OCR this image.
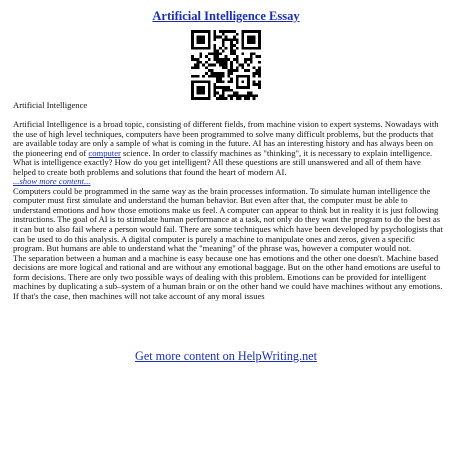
Artificial Intelligence Essay
Artificial Intelligence

Artificial Intelligence is a broad topic, consisting of different fields, from machine vision to expert systems. Nowadays with the use of high level techniques, computers have been programmed to solve many difficult problems, but the products that are available today are only a sample of what is coming in the future. AI has an interesting history and has always been on the pioneering end of computer science. In order to classify machines as "thinking", it is necessary to explain intelligence. What is intelligence exactly? How do you get intelligent? All these questions are still unanswered and all of them have helped to create both problems and solutions that found the heart of modern AI.

...show more content...

Computers could be programmed in the same way as the brain processes information. To simulate human intelligence the computer must first simulate and understand the human behavior. But even after that, the computer must be able to understand emotions and how those emotions make us feel. A computer can appear to think but in reality it is just following instructions. The goal of AI is to stimulate human performance at a task, not only do they want the program to do the best as it can but to also fail where a person would fail. There are some techniques which have been developed by psychologists that can be used to do this analysis. A digital computer is purely a machine to manipulate ones and zeros, given a specific program. But humans are able to understand what the "meaning" of the phrase was, however a computer would not.

The separation between a human and a machine is easy because one has emotions and the other one doesn't. Machine based decisions are more logical and rational and are without any emotional baggage. But on the other hand emotions are useful to form decisions. There are only two possible ways of dealing with this problem. Emotions can be provided for intelligent machines by duplicating a sub–system of a human brain or on the other hand we could have machines without any emotions. If that's the case, then machines will not take account of any moral issues

Get more content on HelpWriting.net
